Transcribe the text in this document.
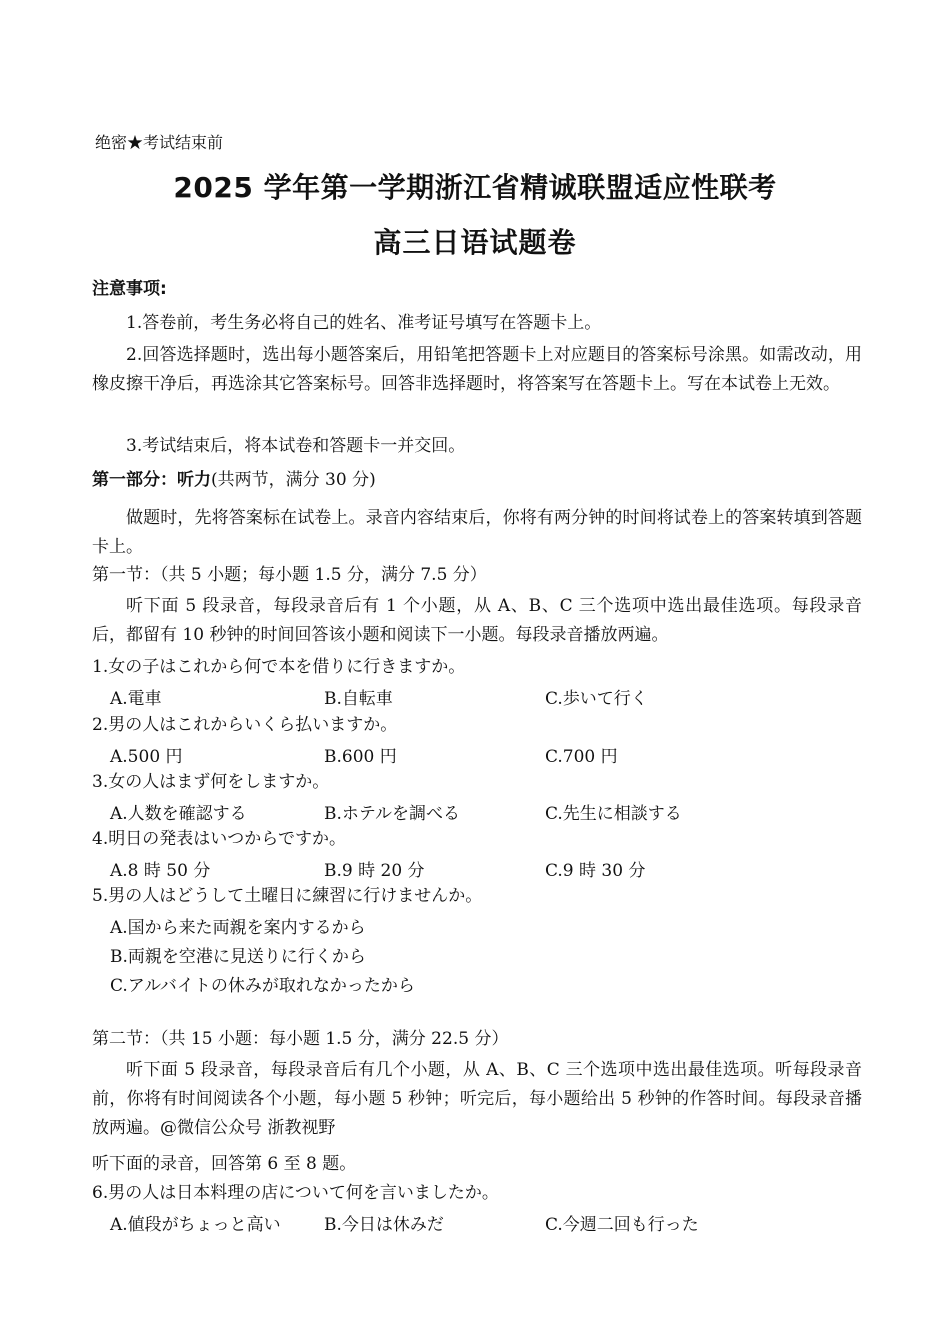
绝密★考试结束前
2025 学年第一学期浙江省精诚联盟适应性联考
高三日语试题卷
注意事项:
1.答卷前，考生务必将自己的姓名、准考证号填写在答题卡上。
2.回答选择题时，选出每小题答案后，用铅笔把答题卡上对应题目的答案标号涂黑。如需改动，用橡皮擦干净后，再选涂其它答案标号。回答非选择题时，将答案写在答题卡上。写在本试卷上无效。
3.考试结束后，将本试卷和答题卡一并交回。
第一部分：听力(共两节，满分 30 分)
做题时，先将答案标在试卷上。录音内容结束后，你将有两分钟的时间将试卷上的答案转填到答题卡上。
第一节：（共 5 小题；每小题 1.5 分，满分 7.5 分）
听下面 5 段录音，每段录音后有 1 个小题，从 A、B、C 三个选项中选出最佳选项。每段录音后，都留有 10 秒钟的时间回答该小题和阅读下一小题。每段录音播放两遍。
1.女の子はこれから何で本を借りに行きますか。
A.電車	B.自転車	C.歩いて行く
2.男の人はこれからいくら払いますか。
A.500 円	B.600 円	C.700 円
3.女の人はまず何をしますか。
A.人数を確認する	B.ホテルを調べる	C.先生に相談する
4.明日の発表はいつからですか。
A.8 時 50 分	B.9 時 20 分	C.9 時 30 分
5.男の人はどうして土曜日に練習に行けませんか。
A.国から来た両親を案内するから
B.両親を空港に見送りに行くから
C.アルバイトの休みが取れなかったから
第二节：（共 15 小题：每小题 1.5 分，满分 22.5 分）
听下面 5 段录音，每段录音后有几个小题，从 A、B、C 三个选项中选出最佳选项。听每段录音前，你将有时间阅读各个小题，每小题 5 秒钟；听完后，每小题给出 5 秒钟的作答时间。每段录音播放两遍。@微信公众号 浙教视野
听下面的录音，回答第 6 至 8 题。
6.男の人は日本料理の店について何を言いましたか。
A.値段がちょっと高い	B.今日は休みだ	C.今週二回も行った
